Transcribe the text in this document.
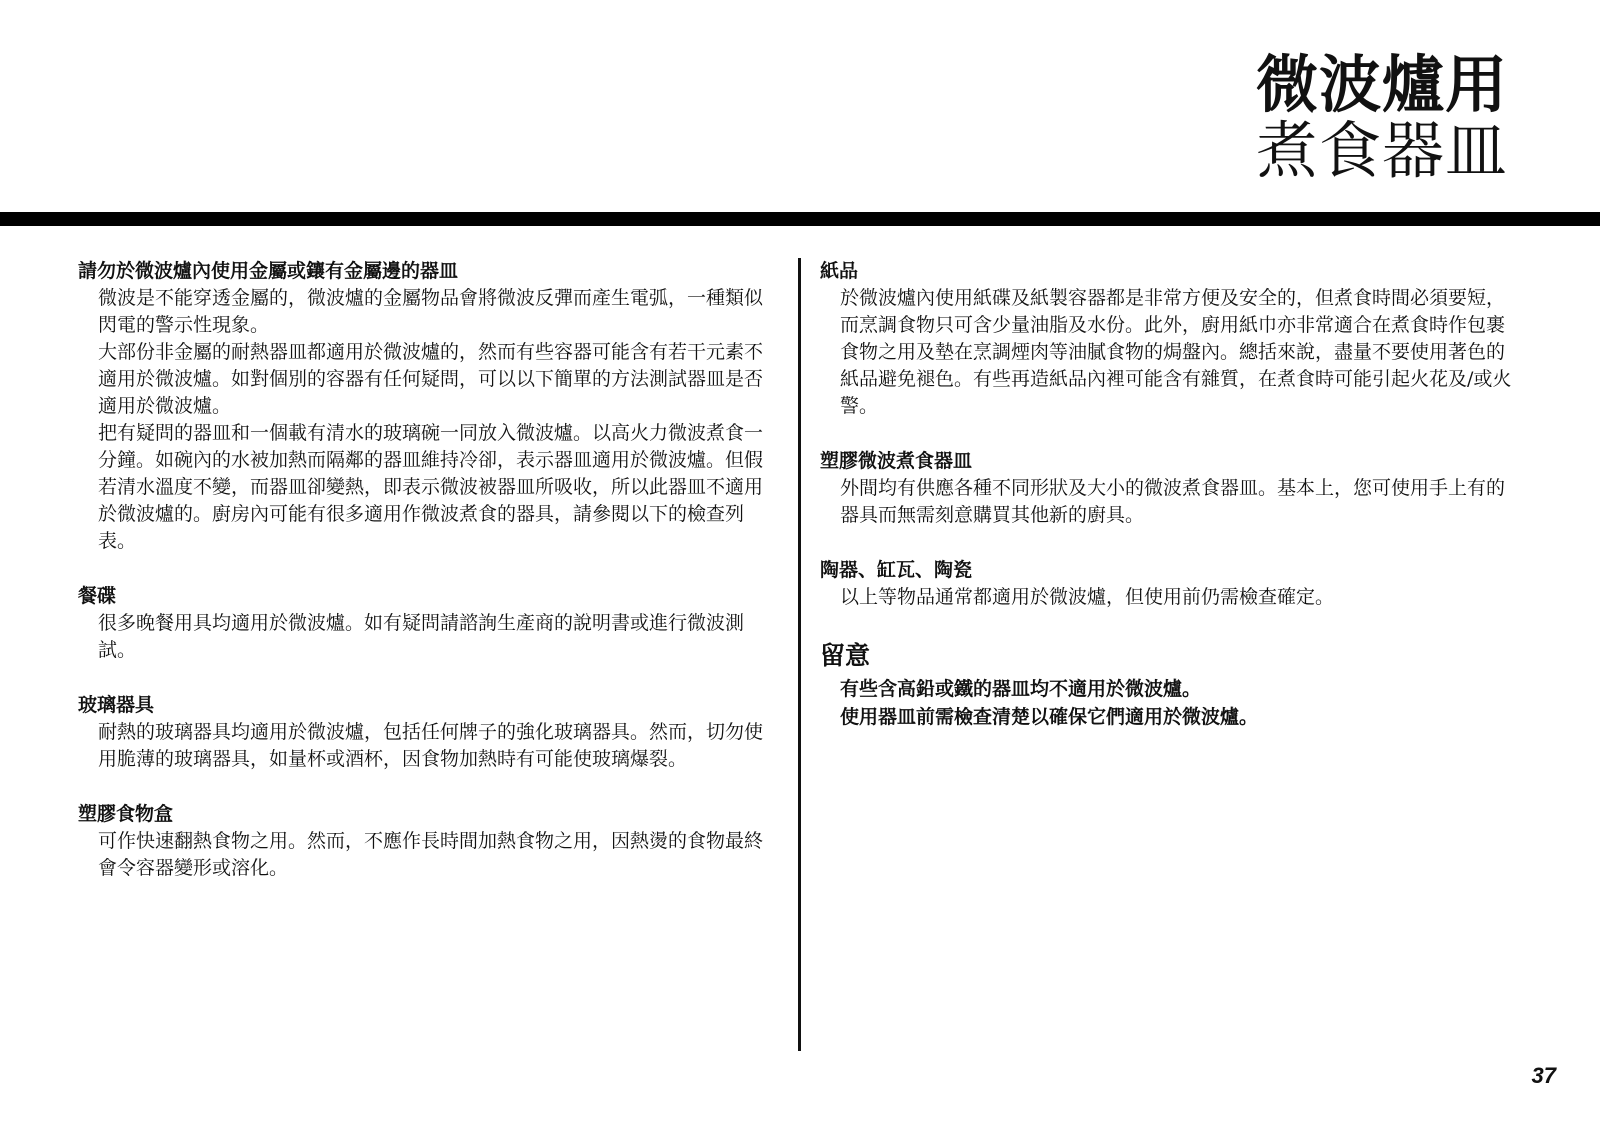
微波爐用
煮食器皿
請勿於微波爐內使用金屬或鑲有金屬邊的器皿

微波是不能穿透金屬的，微波爐的金屬物品會將微波反彈而產生電弧，一種類似閃電的警示性現象。

大部份非金屬的耐熱器皿都適用於微波爐的，然而有些容器可能含有若干元素不適用於微波爐。如對個別的容器有任何疑問，可以以下簡單的方法測試器皿是否適用於微波爐。

把有疑問的器皿和一個載有清水的玻璃碗一同放入微波爐。以高火力微波煮食一分鐘。如碗內的水被加熱而隔鄰的器皿維持冷卻，表示器皿適用於微波爐。但假若清水溫度不變，而器皿卻變熱，即表示微波被器皿所吸收，所以此器皿不適用於微波爐的。廚房內可能有很多適用作微波煮食的器具，請參閱以下的檢查列表。

餐碟

很多晚餐用具均適用於微波爐。如有疑問請諮詢生產商的說明書或進行微波測試。

玻璃器具

耐熱的玻璃器具均適用於微波爐，包括任何牌子的強化玻璃器具。然而，切勿使用脆薄的玻璃器具，如量杯或酒杯，因食物加熱時有可能使玻璃爆裂。

塑膠食物盒

可作快速翻熱食物之用。然而，不應作長時間加熱食物之用，因熱燙的食物最終會令容器變形或溶化。

紙品

於微波爐內使用紙碟及紙製容器都是非常方便及安全的，但煮食時間必須要短，而烹調食物只可含少量油脂及水份。此外，廚用紙巾亦非常適合在煮食時作包裹食物之用及墊在烹調煙肉等油膩食物的焗盤內。總括來說，盡量不要使用著色的紙品避免褪色。有些再造紙品內裡可能含有雜質，在煮食時可能引起火花及/或火警。

塑膠微波煮食器皿

外間均有供應各種不同形狀及大小的微波煮食器皿。基本上，您可使用手上有的器具而無需刻意購買其他新的廚具。

陶器、缸瓦、陶瓷

以上等物品通常都適用於微波爐，但使用前仍需檢查確定。

留意
有些含高鉛或鐵的器皿均不適用於微波爐。
使用器皿前需檢查清楚以確保它們適用於微波爐。
37
